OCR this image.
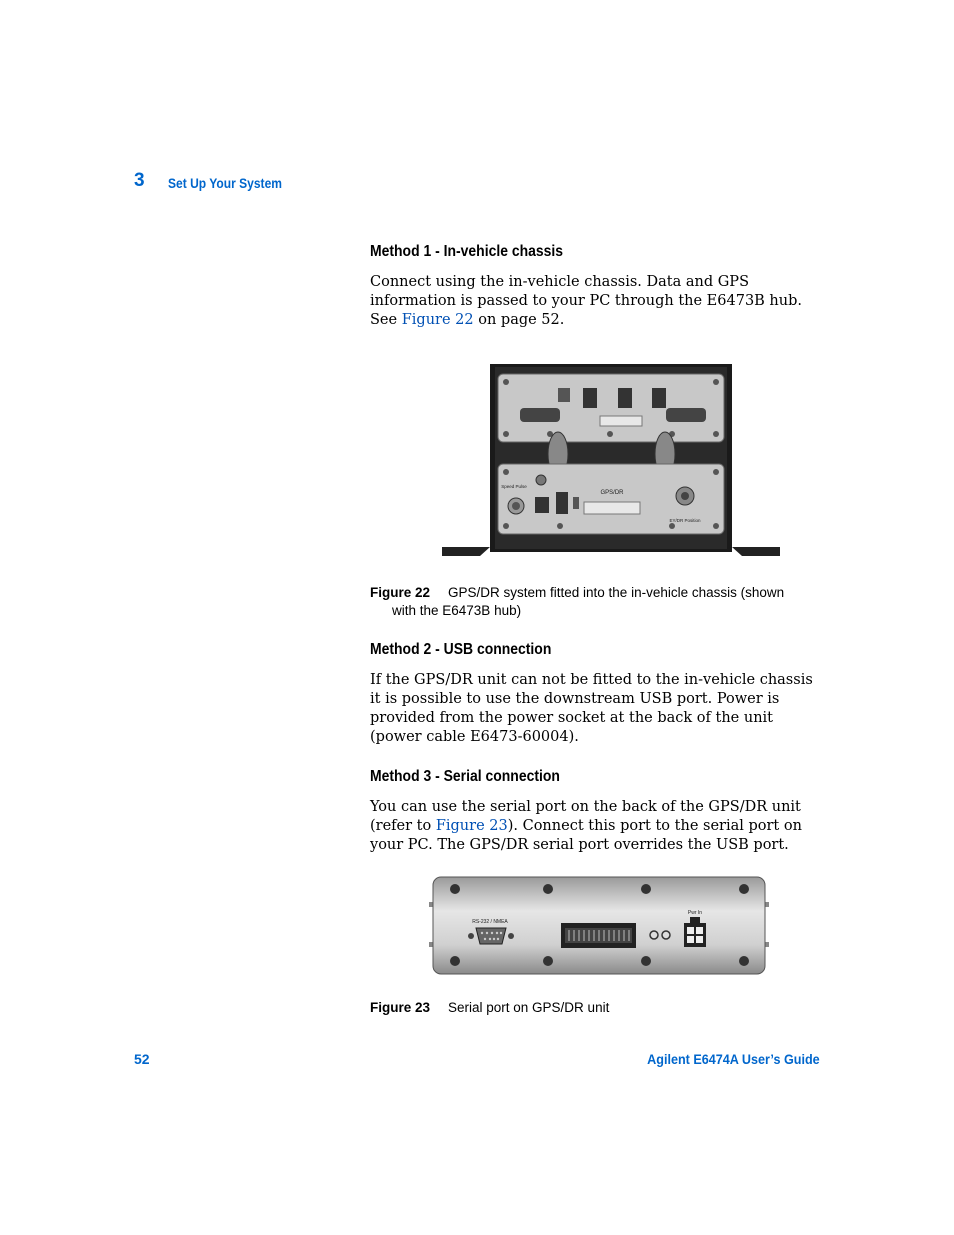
3 Set Up Your System
Method 1 - In-vehicle chassis

Connect using the in-vehicle chassis. Data and GPS information is passed to your PC through the E6473B hub. See Figure 22 on page 52.

Speed Pulse
GPS/DR
EY/DR Position
Figure 22 GPS/DR system fitted into the in-vehicle chassis (shown
with the E6473B hub)
Method 2 - USB connection

If the GPS/DR unit can not be fitted to the in-vehicle chassis it is possible to use the downstream USB port. Power is provided from the power socket at the back of the unit (power cable E6473-60004).

Method 3 - Serial connection

You can use the serial port on the back of the GPS/DR unit (refer to Figure 23). Connect this port to the serial port on your PC. The GPS/DR serial port overrides the USB port.

RS-232 / NMEA
Pwr In
Figure 23 Serial port on GPS/DR unit
52	Agilent E6474A User’s Guide
